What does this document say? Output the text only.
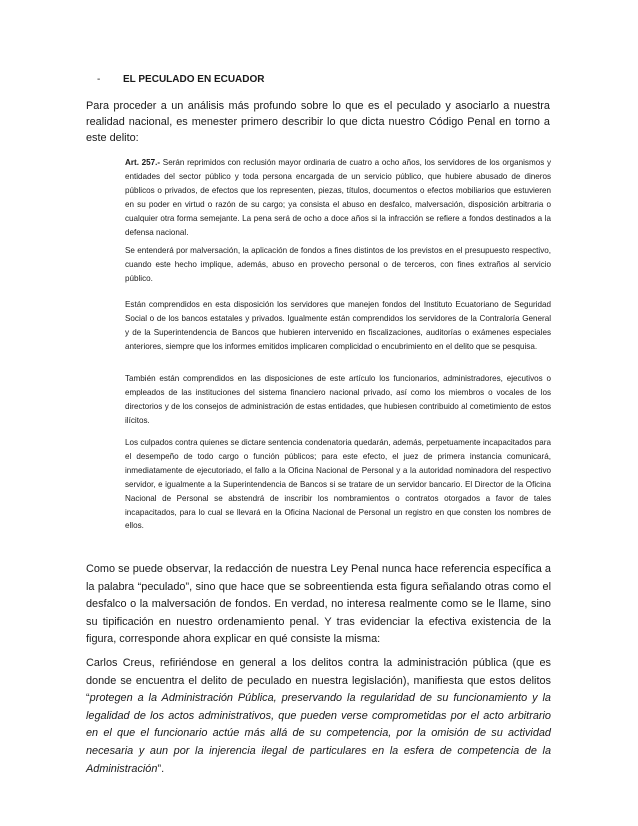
- EL PECULADO EN ECUADOR

Para proceder a un análisis más profundo sobre lo que es el peculado y asociarlo a nuestra realidad nacional, es menester primero describir lo que dicta nuestro Código Penal en torno a este delito:

Art. 257.- Serán reprimidos con reclusión mayor ordinaria de cuatro a ocho años, los servidores de los organismos y entidades del sector público y toda persona encargada de un servicio público, que hubiere abusado de dineros públicos o privados, de efectos que los representen, piezas, títulos, documentos o efectos mobiliarios que estuvieren en su poder en virtud o razón de su cargo; ya consista el abuso en desfalco, malversación, disposición arbitraria o cualquier otra forma semejante. La pena será de ocho a doce años si la infracción se refiere a fondos destinados a la defensa nacional.

Se entenderá por malversación, la aplicación de fondos a fines distintos de los previstos en el presupuesto respectivo, cuando este hecho implique, además, abuso en provecho personal o de terceros, con fines extraños al servicio público.

Están comprendidos en esta disposición los servidores que manejen fondos del Instituto Ecuatoriano de Seguridad Social o de los bancos estatales y privados. Igualmente están comprendidos los servidores de la Contraloría General y de la Superintendencia de Bancos que hubieren intervenido en fiscalizaciones, auditorías o exámenes especiales anteriores, siempre que los informes emitidos implicaren complicidad o encubrimiento en el delito que se pesquisa.

También están comprendidos en las disposiciones de este artículo los funcionarios, administradores, ejecutivos o empleados de las instituciones del sistema financiero nacional privado, así como los miembros o vocales de los directorios y de los consejos de administración de estas entidades, que hubiesen contribuido al cometimiento de estos ilícitos.

Los culpados contra quienes se dictare sentencia condenatoria quedarán, además, perpetuamente incapacitados para el desempeño de todo cargo o función públicos; para este efecto, el juez de primera instancia comunicará, inmediatamente de ejecutoriado, el fallo a la Oficina Nacional de Personal y a la autoridad nominadora del respectivo servidor, e igualmente a la Superintendencia de Bancos si se tratare de un servidor bancario. El Director de la Oficina Nacional de Personal se abstendrá de inscribir los nombramientos o contratos otorgados a favor de tales incapacitados, para lo cual se llevará en la Oficina Nacional de Personal un registro en que consten los nombres de ellos.

Como se puede observar, la redacción de nuestra Ley Penal nunca hace referencia específica a la palabra “peculado”, sino que hace que se sobreentienda esta figura señalando otras como el desfalco o la malversación de fondos. En verdad, no interesa realmente como se le llame, sino su tipificación en nuestro ordenamiento penal. Y tras evidenciar la efectiva existencia de la figura, corresponde ahora explicar en qué consiste la misma:

Carlos Creus, refiriéndose en general a los delitos contra la administración pública (que es donde se encuentra el delito de peculado en nuestra legislación), manifiesta que estos delitos “protegen a la Administración Pública, preservando la regularidad de su funcionamiento y la legalidad de los actos administrativos, que pueden verse comprometidas por el acto arbitrario en el que el funcionario actúe más allá de su competencia, por la omisión de su actividad necesaria y aun por la injerencia ilegal de particulares en la esfera de competencia de la Administración”.
